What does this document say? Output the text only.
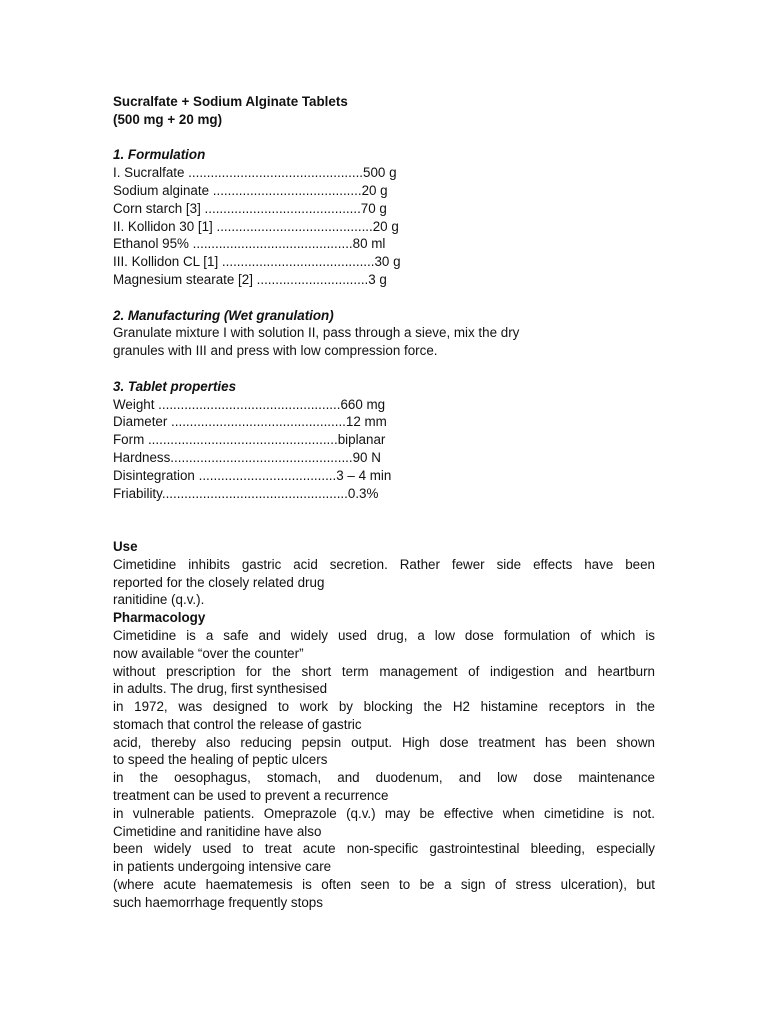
Sucralfate + Sodium Alginate Tablets
(500 mg + 20 mg)
1. Formulation
I. Sucralfate ...............................................500 g
Sodium alginate ........................................20 g
Corn starch [3] ..........................................70 g
II. Kollidon 30 [1] ..........................................20 g
Ethanol 95% ...........................................80 ml
III. Kollidon CL [1] .........................................30 g
Magnesium stearate [2] ..............................3 g
2. Manufacturing (Wet granulation)
Granulate mixture I with solution II, pass through a sieve, mix the dry
granules with III and press with low compression force.
3. Tablet properties
Weight .................................................660 mg
Diameter ...............................................12 mm
Form ...................................................biplanar
Hardness.................................................90 N
Disintegration .....................................3 – 4 min
Friability..................................................0.3%
Use
Cimetidine inhibits gastric acid secretion. Rather fewer side effects have been
reported for the closely related drug
ranitidine (q.v.).
Pharmacology
Cimetidine is a safe and widely used drug, a low dose formulation of which is
now available “over the counter”
without prescription for the short term management of indigestion and heartburn
in adults. The drug, first synthesised
in 1972, was designed to work by blocking the H2 histamine receptors in the
stomach that control the release of gastric
acid, thereby also reducing pepsin output. High dose treatment has been shown
to speed the healing of peptic ulcers
in the oesophagus, stomach, and duodenum, and low dose maintenance
treatment can be used to prevent a recurrence
in vulnerable patients. Omeprazole (q.v.) may be effective when cimetidine is not.
Cimetidine and ranitidine have also
been widely used to treat acute non-specific gastrointestinal bleeding, especially
in patients undergoing intensive care
(where acute haematemesis is often seen to be a sign of stress ulceration), but
such haemorrhage frequently stops
